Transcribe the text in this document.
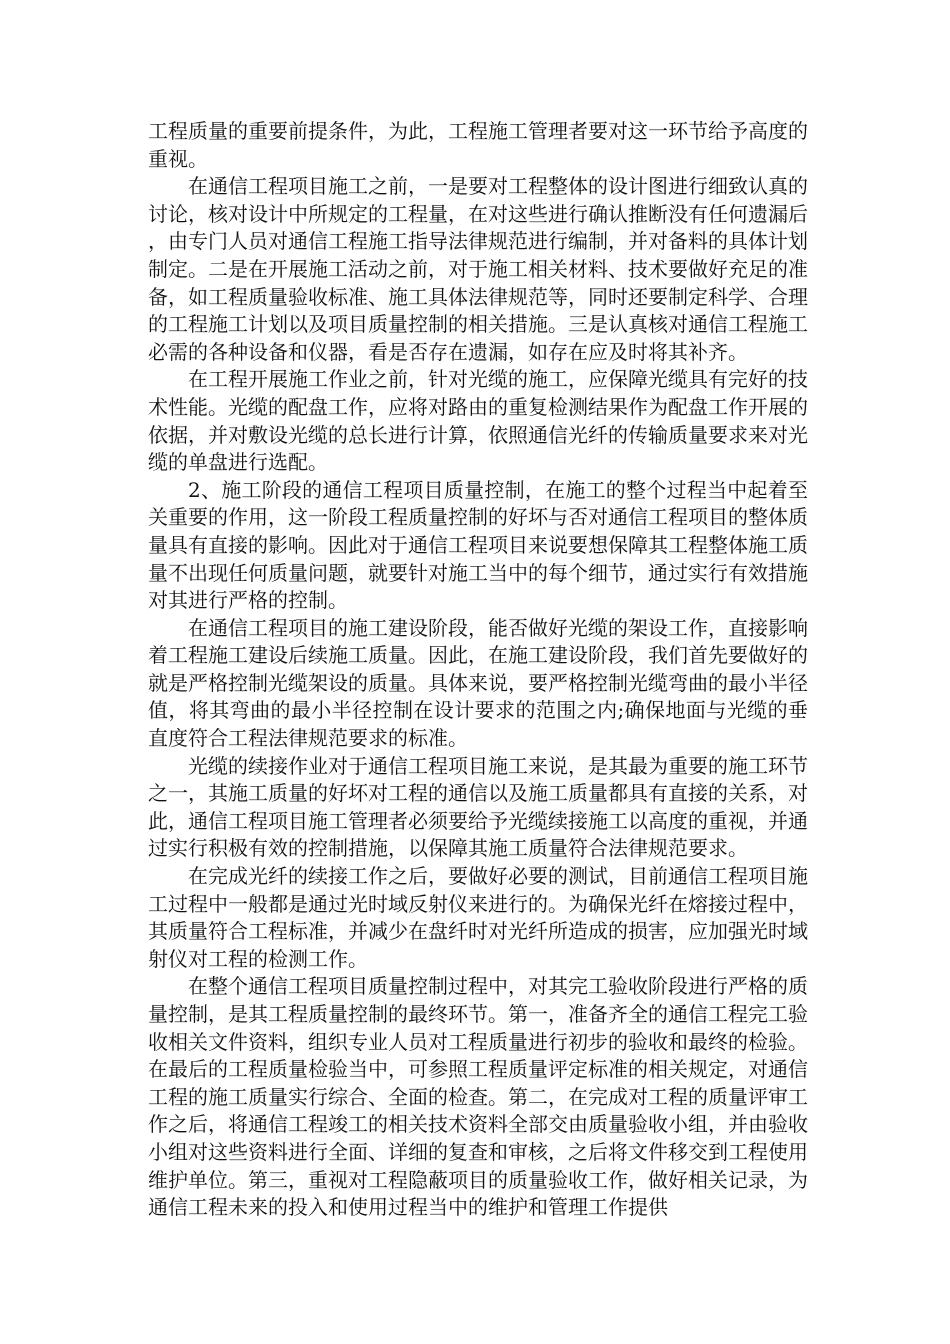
工程质量的重要前提条件，为此，工程施工管理者要对这一环节给予高度的重视。

在通信工程项目施工之前，一是要对工程整体的设计图进行细致认真的讨论，核对设计中所规定的工程量，在对这些进行确认推断没有任何遗漏后，由专门人员对通信工程施工指导法律规范进行编制，并对备料的具体计划制定。二是在开展施工活动之前，对于施工相关材料、技术要做好充足的准备，如工程质量验收标准、施工具体法律规范等，同时还要制定科学、合理的工程施工计划以及项目质量控制的相关措施。三是认真核对通信工程施工必需的各种设备和仪器，看是否存在遗漏，如存在应及时将其补齐。

在工程开展施工作业之前，针对光缆的施工，应保障光缆具有完好的技术性能。光缆的配盘工作，应将对路由的重复检测结果作为配盘工作开展的依据，并对敷设光缆的总长进行计算，依照通信光纤的传输质量要求来对光缆的单盘进行选配。

2、施工阶段的通信工程项目质量控制，在施工的整个过程当中起着至关重要的作用，这一阶段工程质量控制的好坏与否对通信工程项目的整体质量具有直接的影响。因此对于通信工程项目来说要想保障其工程整体施工质量不出现任何质量问题，就要针对施工当中的每个细节，通过实行有效措施对其进行严格的控制。

在通信工程项目的施工建设阶段，能否做好光缆的架设工作，直接影响着工程施工建设后续施工质量。因此，在施工建设阶段，我们首先要做好的就是严格控制光缆架设的质量。具体来说，要严格控制光缆弯曲的最小半径值，将其弯曲的最小半径控制在设计要求的范围之内;确保地面与光缆的垂直度符合工程法律规范要求的标准。

光缆的续接作业对于通信工程项目施工来说，是其最为重要的施工环节之一，其施工质量的好坏对工程的通信以及施工质量都具有直接的关系，对此，通信工程项目施工管理者必须要给予光缆续接施工以高度的重视，并通过实行积极有效的控制措施，以保障其施工质量符合法律规范要求。

在完成光纤的续接工作之后，要做好必要的测试，目前通信工程项目施工过程中一般都是通过光时域反射仪来进行的。为确保光纤在熔接过程中，其质量符合工程标准，并减少在盘纤时对光纤所造成的损害，应加强光时域射仪对工程的检测工作。

在整个通信工程项目质量控制过程中，对其完工验收阶段进行严格的质量控制，是其工程质量控制的最终环节。第一，准备齐全的通信工程完工验收相关文件资料，组织专业人员对工程质量进行初步的验收和最终的检验。在最后的工程质量检验当中，可参照工程质量评定标准的相关规定，对通信工程的施工质量实行综合、全面的检查。第二，在完成对工程的质量评审工作之后，将通信工程竣工的相关技术资料全部交由质量验收小组，并由验收小组对这些资料进行全面、详细的复查和审核，之后将文件移交到工程使用维护单位。第三，重视对工程隐蔽项目的质量验收工作，做好相关记录，为通信工程未来的投入和使用过程当中的维护和管理工作提供
